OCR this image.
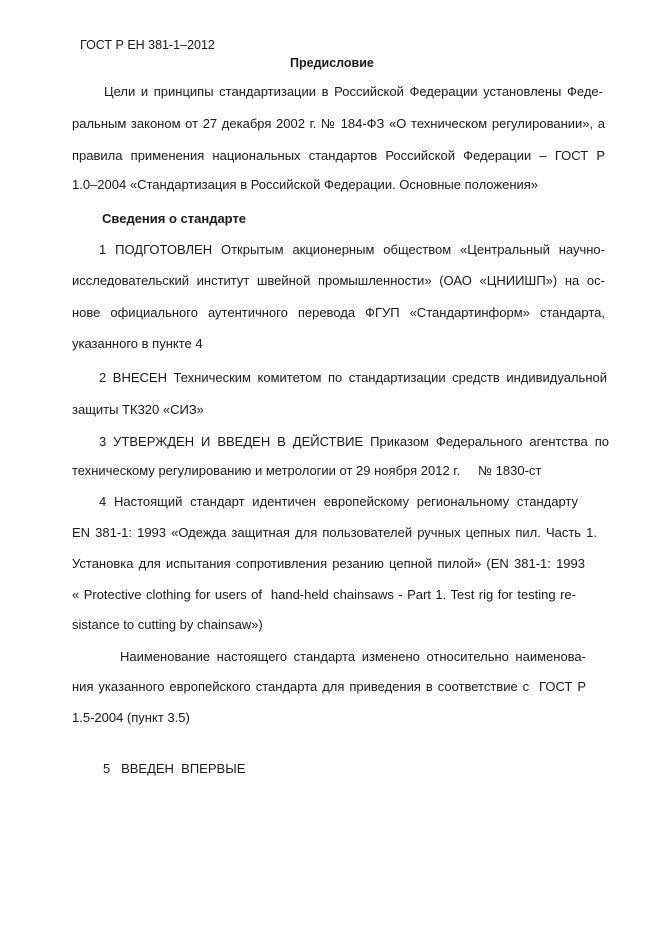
ГОСТ Р ЕН 381-1–2012
Предисловие
Цели и принципы стандартизации в Российской Федерации установлены Феде-
ральным законом от 27 декабря 2002 г. № 184-ФЗ «О техническом регулировании», а
правила применения национальных стандартов Российской Федерации – ГОСТ Р
1.0–2004 «Стандартизация в Российской Федерации. Основные положения»
Сведения о стандарте
1 ПОДГОТОВЛЕН Открытым акционерным обществом «Центральный научно-
исследовательский институт швейной промышленности» (ОАО «ЦНИИШП») на ос-
нове официального аутентичного перевода ФГУП «Стандартинформ» стандарта,
указанного в пункте 4
2 ВНЕСЕН Техническим комитетом по стандартизации средств индивидуальной
защиты ТК320 «СИЗ»
3 УТВЕРЖДЕН И ВВЕДЕН В ДЕЙСТВИЕ Приказом Федерального агентства по
техническому регулированию и метрологии от 29 ноября 2012 г.     № 1830-ст
4 Настоящий стандарт идентичен европейскому региональному стандарту
EN 381-1: 1993 «Одежда защитная для пользователей ручных цепных пил. Часть 1.
Установка для испытания сопротивления резанию цепной пилой» (EN 381-1: 1993
« Protective clothing for users of  hand-held chainsaws - Part 1. Test rig for testing re-
sistance to cutting by chainsaw»)
Наименование настоящего стандарта изменено относительно наименова-
ния указанного европейского стандарта для приведения в соответствие с  ГОСТ Р
1.5-2004 (пункт 3.5)
5   ВВЕДЕН  ВПЕРВЫЕ
